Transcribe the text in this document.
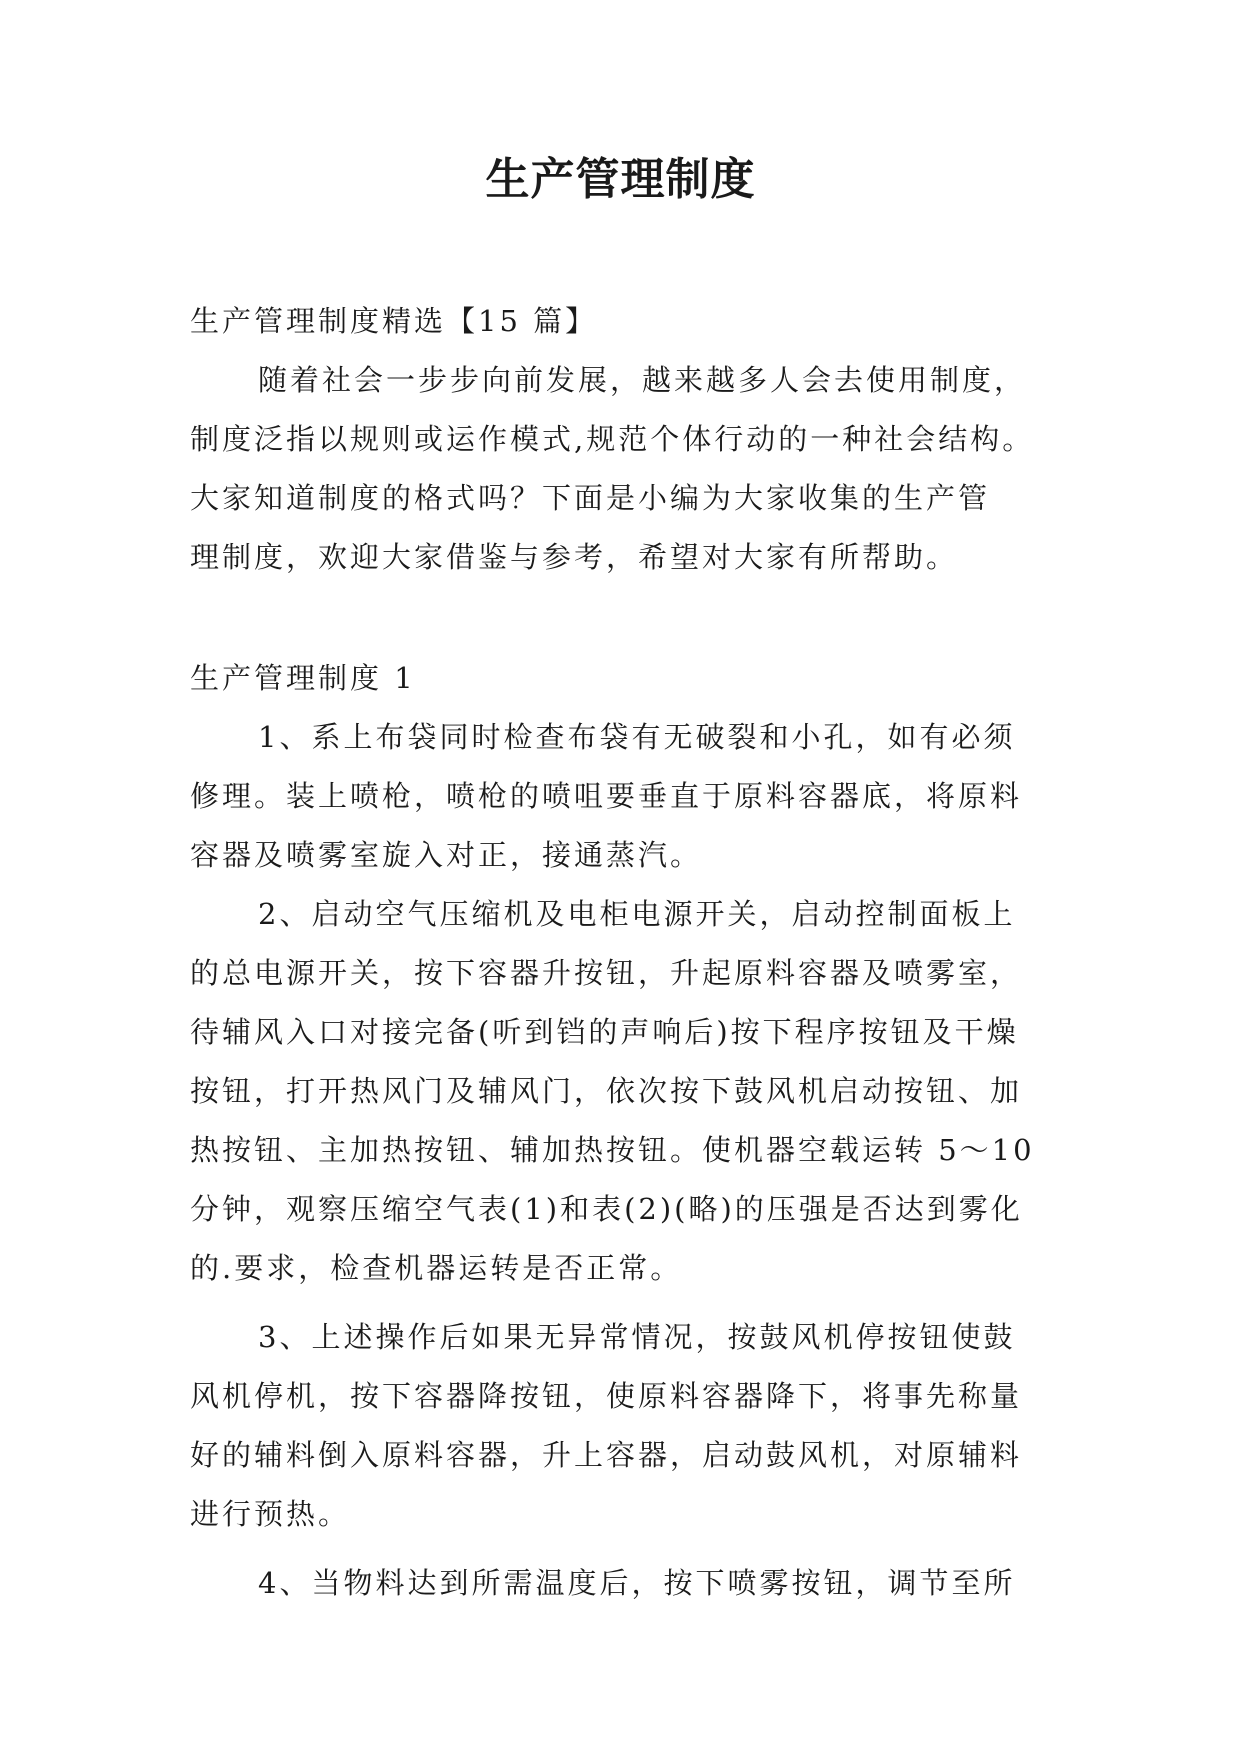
生产管理制度
生产管理制度精选【15 篇】
随着社会一步步向前发展，越来越多人会去使用制度，
制度泛指以规则或运作模式,规范个体行动的一种社会结构。
大家知道制度的格式吗？下面是小编为大家收集的生产管
理制度，欢迎大家借鉴与参考，希望对大家有所帮助。
生产管理制度 1
1、系上布袋同时检查布袋有无破裂和小孔，如有必须
修理。装上喷枪，喷枪的喷咀要垂直于原料容器底，将原料
容器及喷雾室旋入对正，接通蒸汽。
2、启动空气压缩机及电柜电源开关，启动控制面板上
的总电源开关，按下容器升按钮，升起原料容器及喷雾室，
待辅风入口对接完备(听到铛的声响后)按下程序按钮及干燥
按钮，打开热风门及辅风门，依次按下鼓风机启动按钮、加
热按钮、主加热按钮、辅加热按钮。使机器空载运转 5～10
分钟，观察压缩空气表(1)和表(2)(略)的压强是否达到雾化
的.要求，检查机器运转是否正常。
3、上述操作后如果无异常情况，按鼓风机停按钮使鼓
风机停机，按下容器降按钮，使原料容器降下，将事先称量
好的辅料倒入原料容器，升上容器，启动鼓风机，对原辅料
进行预热。
4、当物料达到所需温度后，按下喷雾按钮，调节至所
